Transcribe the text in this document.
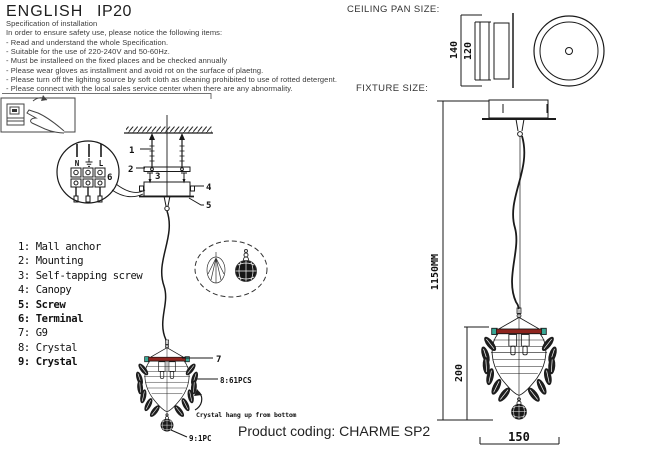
1
2
3
4
5
6
N	L
7
8:61PCS
9:1PC
Crystal hang up from bottom
140 120
1150MM
200
150
ENGLISH IP20
Specification of installation
In order to ensure safety use, please notice the following items:
- Read and understand the whole Specification.
- Suitable for the use of 220-240V and 50-60Hz.
- Must be installeed on the fixed places and be checked annually
- Please wear gloves as installment and avoid rot on the surface of plaetng.
- Please turn off the lighitng source by soft cloth as cleaning prohibited to use of rotted detergent.
- Please connect with the local sales service center when there are any abnormality.
1: Mall anchor
2: Mounting
3: Self-tapping screw
4: Canopy
5: Screw
6: Terminal
7: G9
8: Crystal
9: Crystal
CEILING PAN SIZE:
FIXTURE SIZE:
Product coding: CHARME SP2
